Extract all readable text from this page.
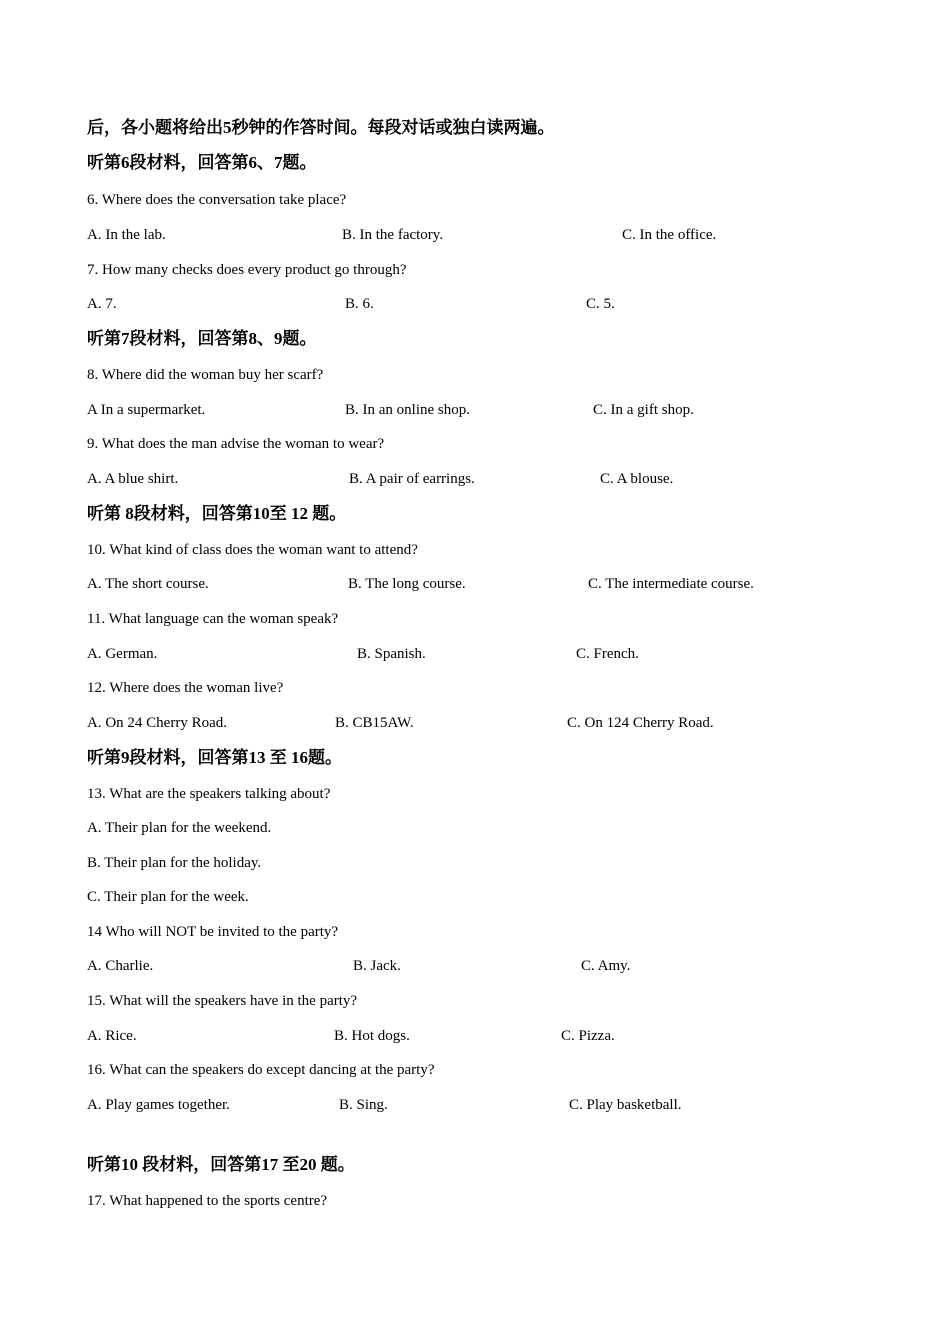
后，各小题将给出5秒钟的作答时间。每段对话或独白读两遍。
听第6段材料，回答第6、7题。
6. Where does the conversation take place?
A. In the lab.	B. In the factory.	C. In the office.
7. How many checks does every product go through?
A. 7.	B. 6.	C. 5.
听第7段材料，回答第8、9题。
8. Where did the woman buy her scarf?
A In a supermarket.	B. In an online shop.	C. In a gift shop.
9. What does the man advise the woman to wear?
A. A blue shirt.	B. A pair of earrings.	C. A blouse.
听第 8段材料，回答第10至 12 题。
10. What kind of class does the woman want to attend?
A. The short course.	B. The long course.	C. The intermediate course.
11. What language can the woman speak?
A. German.	B. Spanish.	C. French.
12. Where does the woman live?
A. On 24 Cherry Road.	B. CB15AW.	C. On 124 Cherry Road.
听第9段材料，回答第13 至 16题。
13. What are the speakers talking about?
A. Their plan for the weekend.
B. Their plan for the holiday.
C. Their plan for the week.
14 Who will NOT be invited to the party?
A. Charlie.	B. Jack.	C. Amy.
15. What will the speakers have in the party?
A. Rice.	B. Hot dogs.	C. Pizza.
16. What can the speakers do except dancing at the party?
A. Play games together.	B. Sing.	C. Play basketball.
听第10 段材料，回答第17 至20 题。
17. What happened to the sports centre?
